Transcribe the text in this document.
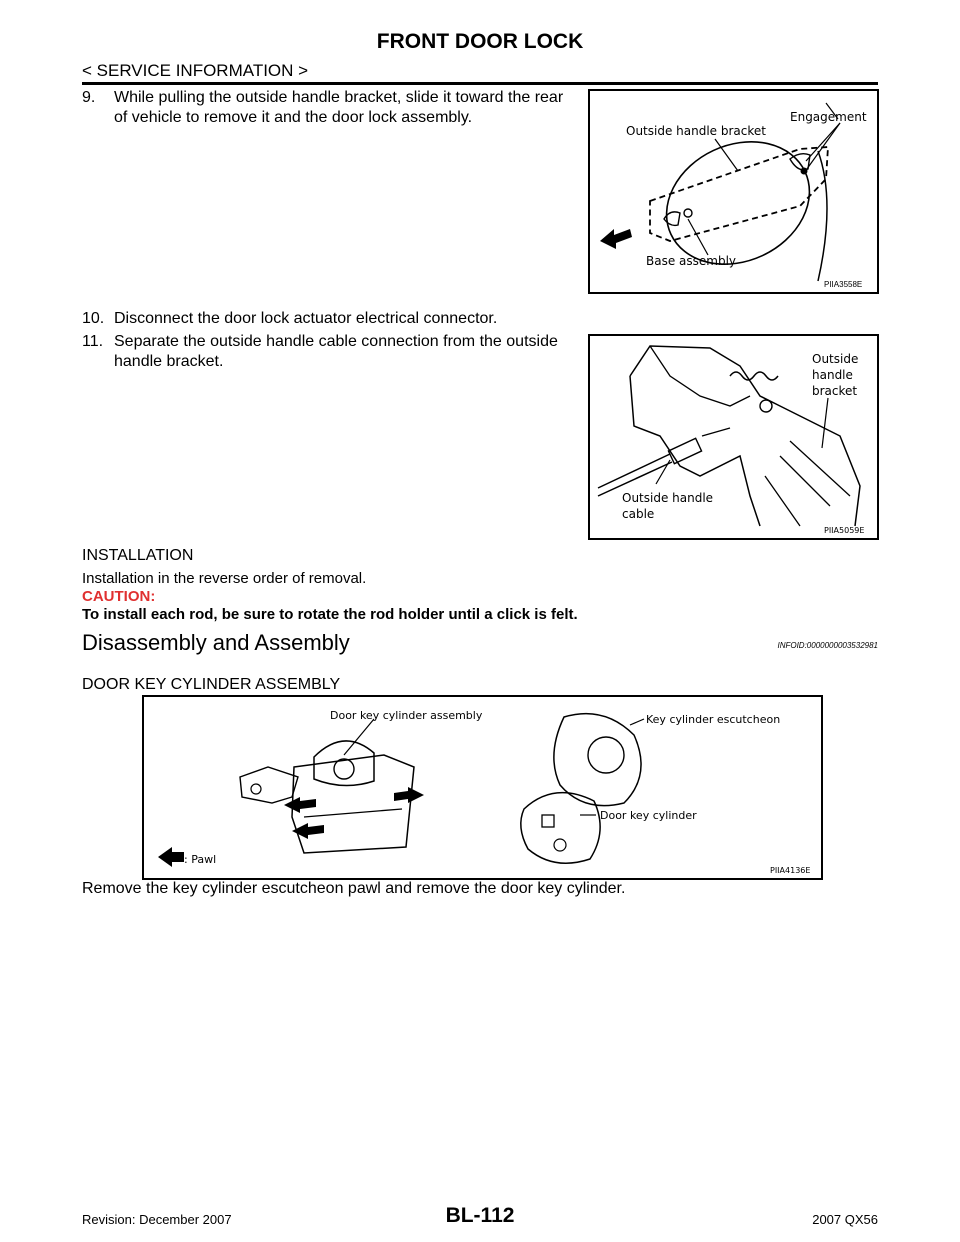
FRONT DOOR LOCK
< SERVICE INFORMATION >
9. While pulling the outside handle bracket, slide it toward the rear
of vehicle to remove it and the door lock assembly.	Engagement
Outside handle bracket
Base assembly
PIIA3558E
10. Disconnect the door lock actuator electrical connector.
11. Separate the outside handle cable connection from the outside
handle bracket.	Outside
handle
bracket
Outside handle
cable
PIIA5059E
INSTALLATION
Installation in the reverse order of removal.
CAUTION:
To install each rod, be sure to rotate the rod holder until a click is felt.
Disassembly and Assembly	INFOID:0000000003532981
DOOR KEY CYLINDER ASSEMBLY
Door key cylinder assembly	Key cylinder escutcheon
Door key cylinder
: Pawl
PIIA4136E
Remove the key cylinder escutcheon pawl and remove the door key cylinder.
BL-112
Revision: December 2007	2007 QX56
